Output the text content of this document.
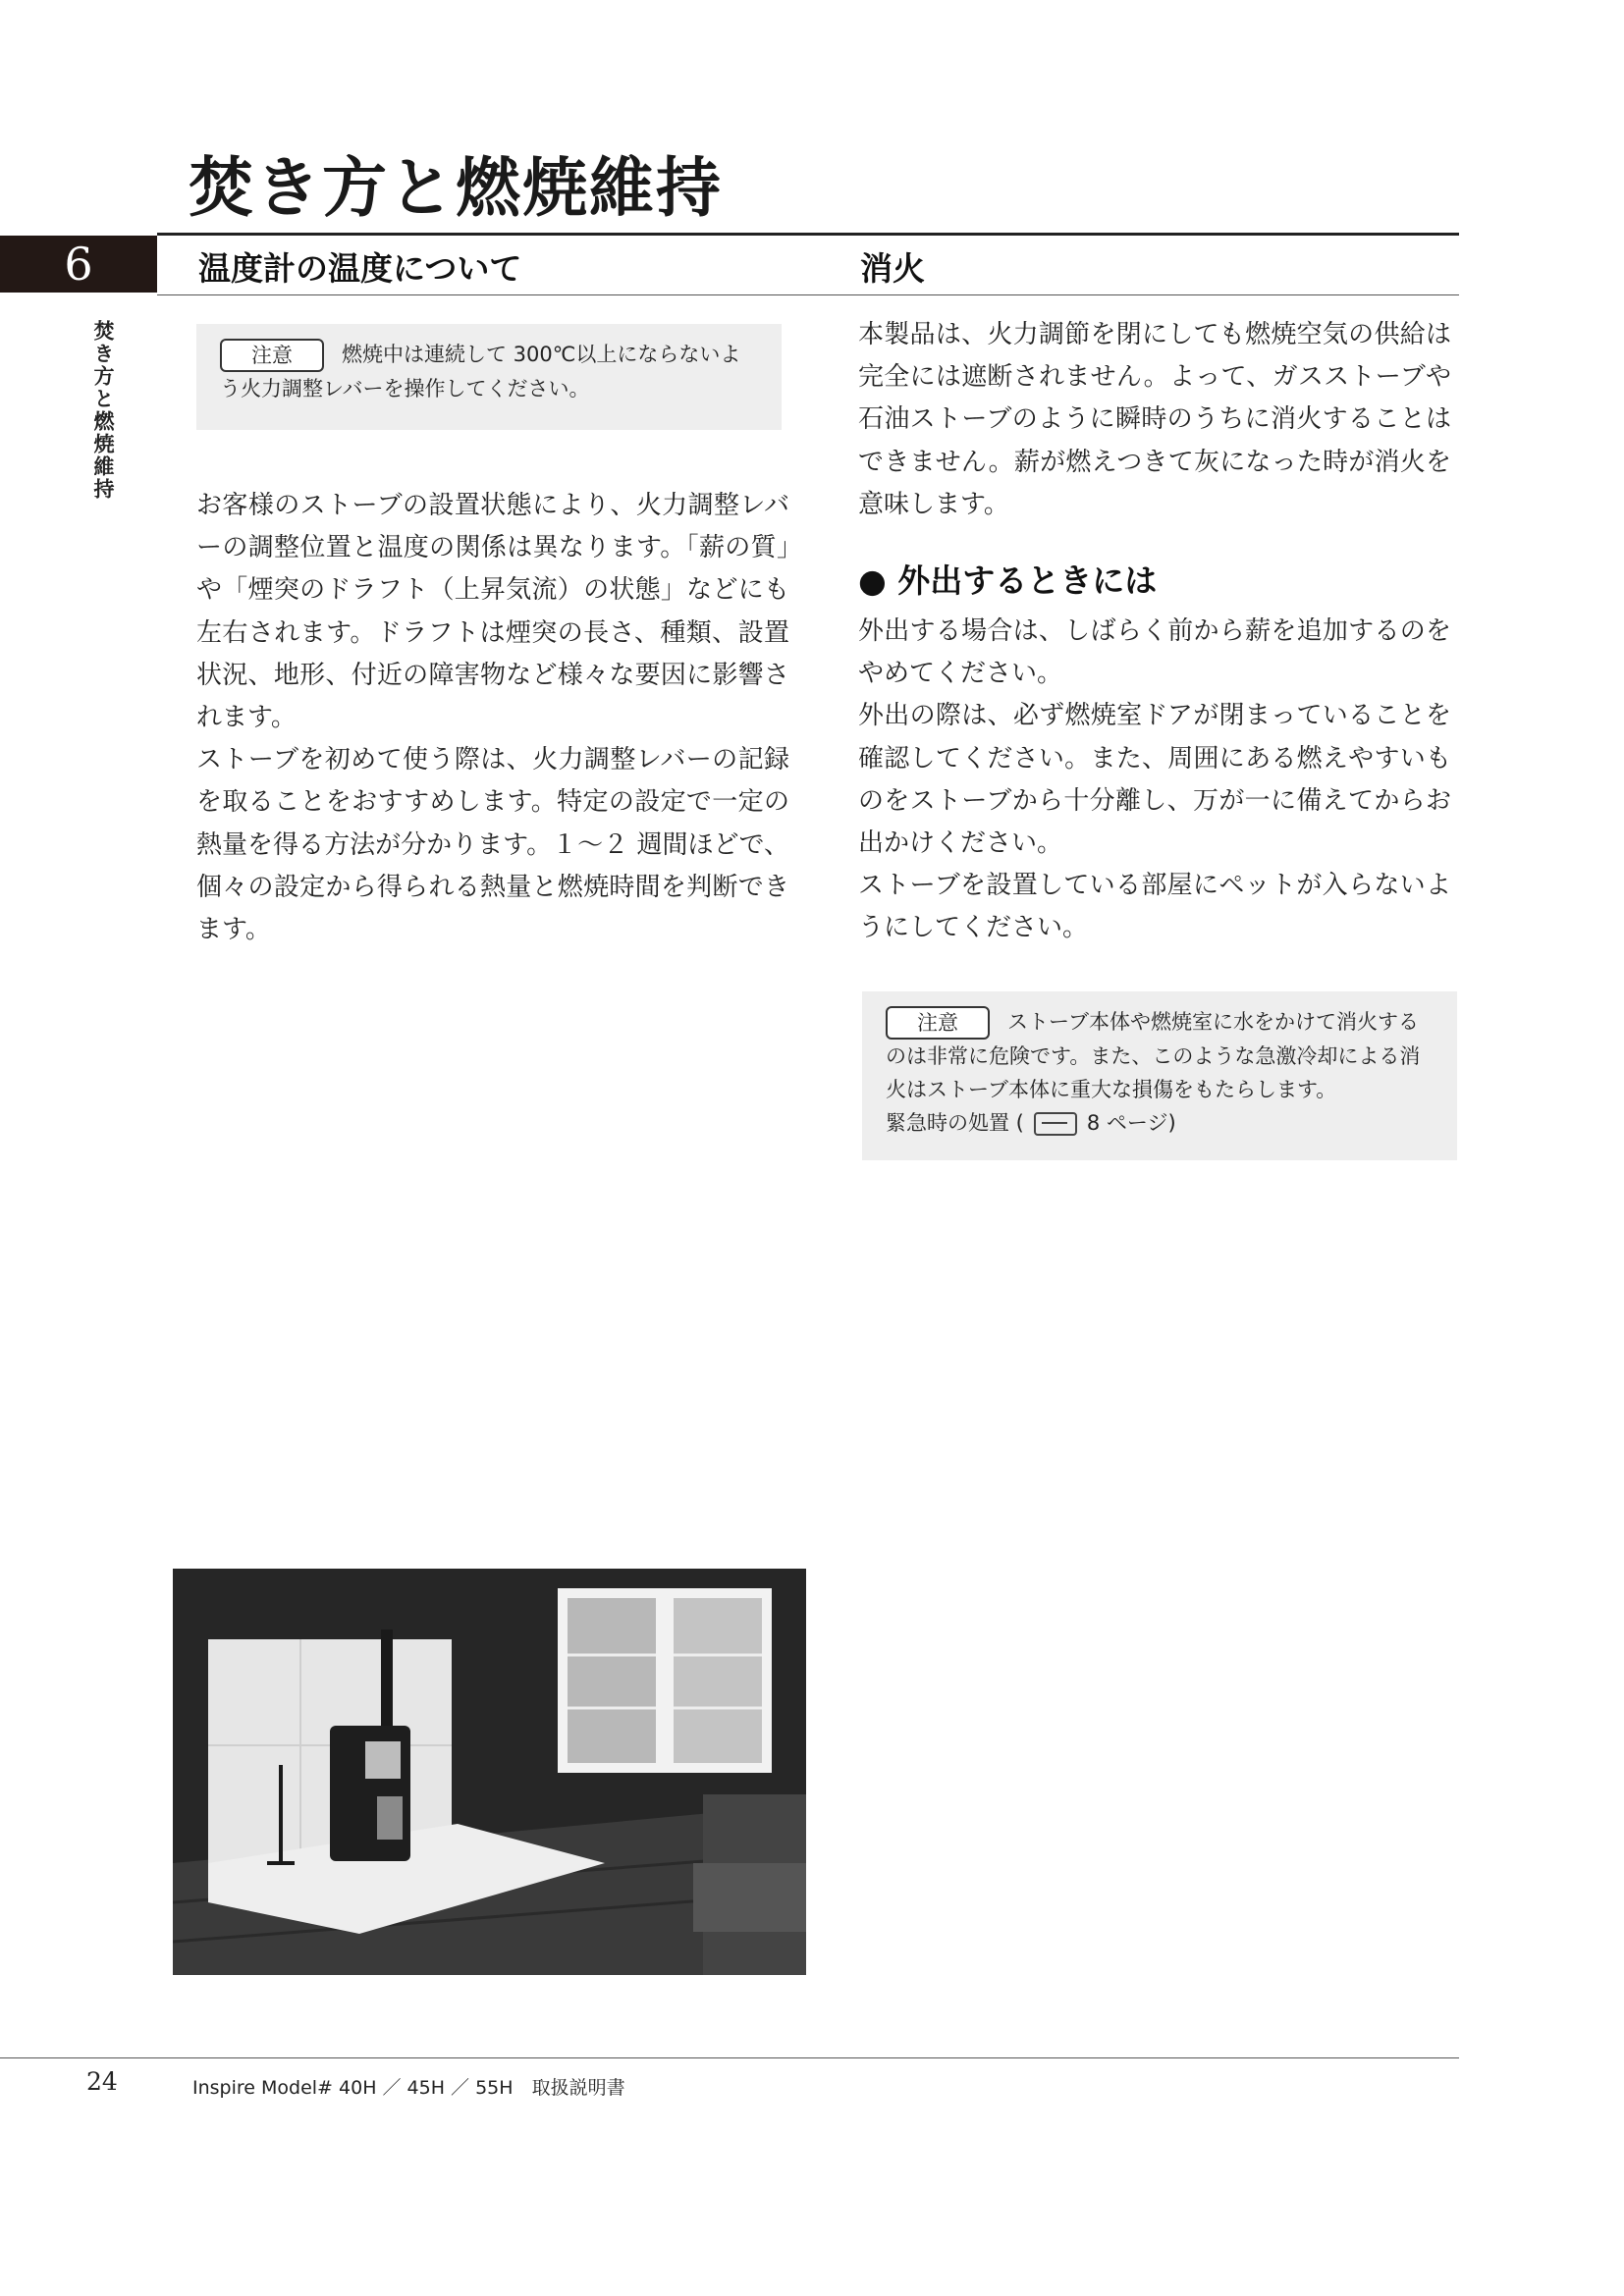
焚き方と燃焼維持
6	温度計の温度について	消火
焚き方と燃焼維持	注意 燃焼中は連続して 300℃以上にならないよう火力調整レバーを操作してください。

お客様のストーブの設置状態により、火力調整レバーの調整位置と温度の関係は異なります。「薪の質」や「煙突のドラフト（上昇気流）の状態」などにも左右されます。ドラフトは煙突の長さ、種類、設置状況、地形、付近の障害物など様々な要因に影響されます。

ストーブを初めて使う際は、火力調整レバーの記録を取ることをおすすめします。特定の設定で一定の熱量を得る方法が分かります。１～２ 週間ほどで、個々の設定から得られる熱量と燃焼時間を判断できます。

本製品は、火力調節を閉にしても燃焼空気の供給は完全には遮断されません。よって、ガスストーブや石油ストーブのように瞬時のうちに消火することはできません。薪が燃えつきて灰になった時が消火を意味します。

● 外出するときには

外出する場合は、しばらく前から薪を追加するのをやめてください。

外出の際は、必ず燃焼室ドアが閉まっていることを確認してください。また、周囲にある燃えやすいものをストーブから十分離し、万が一に備えてからお出かけください。

ストーブを設置している部屋にペットが入らないようにしてください。

注意 ストーブ本体や燃焼室に水をかけて消火するのは非常に危険です。また、このような急激冷却による消火はストーブ本体に重大な損傷をもたらします。
緊急時の処置 (	8 ページ)

24	Inspire Model# 40H ／ 45H ／ 55H　取扱説明書
